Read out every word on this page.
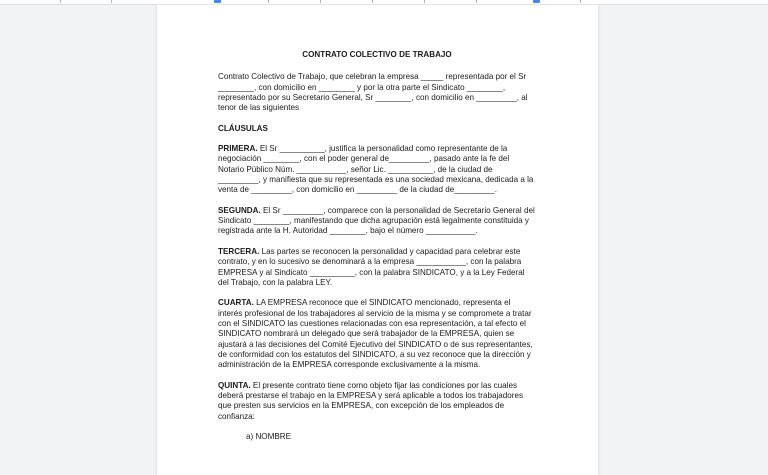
CONTRATO COLECTIVO DE TRABAJO

Contrato Colectivo de Trabajo, que celebran la empresa _____ representada por el Sr ________, con domicilio en ________ y por la otra parte el Sindicato ________, representado por su Secretario General, Sr ________, con domicilio en _________, al tenor de las siguientes

CLÁUSULAS

PRIMERA. El Sr __________, justifica la personalidad como representante de la negociación ________, con el poder general de_________, pasado ante la fe del Notario Público Núm. ___________, señor Lic. __________, de la ciudad de _________, y manifiesta que su representada es una sociedad mexicana, dedicada a la venta de _________, con domicilio en _________ de la ciudad de_________.

SEGUNDA. El Sr _________, comparece con la personalidad de Secretario General del Sindicato ________, manifestando que dicha agrupación está legalmente constituida y registrada ante la H. Autoridad ________, bajo el número ___________.

TERCERA. Las partes se reconocen la personalidad y capacidad para celebrar este contrato, y en lo sucesivo se denominará a la empresa ___________, con la palabra EMPRESA y al Sindicato __________, con la palabra SINDICATO, y a la Ley Federal del Trabajo, con la palabra LEY.

CUARTA. LA EMPRESA reconoce que el SINDICATO mencionado, representa el interés profesional de los trabajadores al servicio de la misma y se compromete a tratar con el SINDICATO las cuestiones relacionadas con esa representación, a tal efecto el SINDICATO nombrará un delegado que será trabajador de la EMPRESA, quien se ajustará a las decisiones del Comité Ejecutivo del SINDICATO o de sus representantes, de conformidad con los estatutos del SINDICATO, a su vez reconoce que la dirección y administración de la EMPRESA corresponde exclusivamente a la misma.

QUINTA. El presente contrato tiene corno objeto fijar las condiciones por las cuales deberá prestarse el trabajo en la EMPRESA y será aplicable a todos los trabajadores que presten sus servicios en la EMPRESA, con excepción de los empleados de confianza:

a) NOMBRE
